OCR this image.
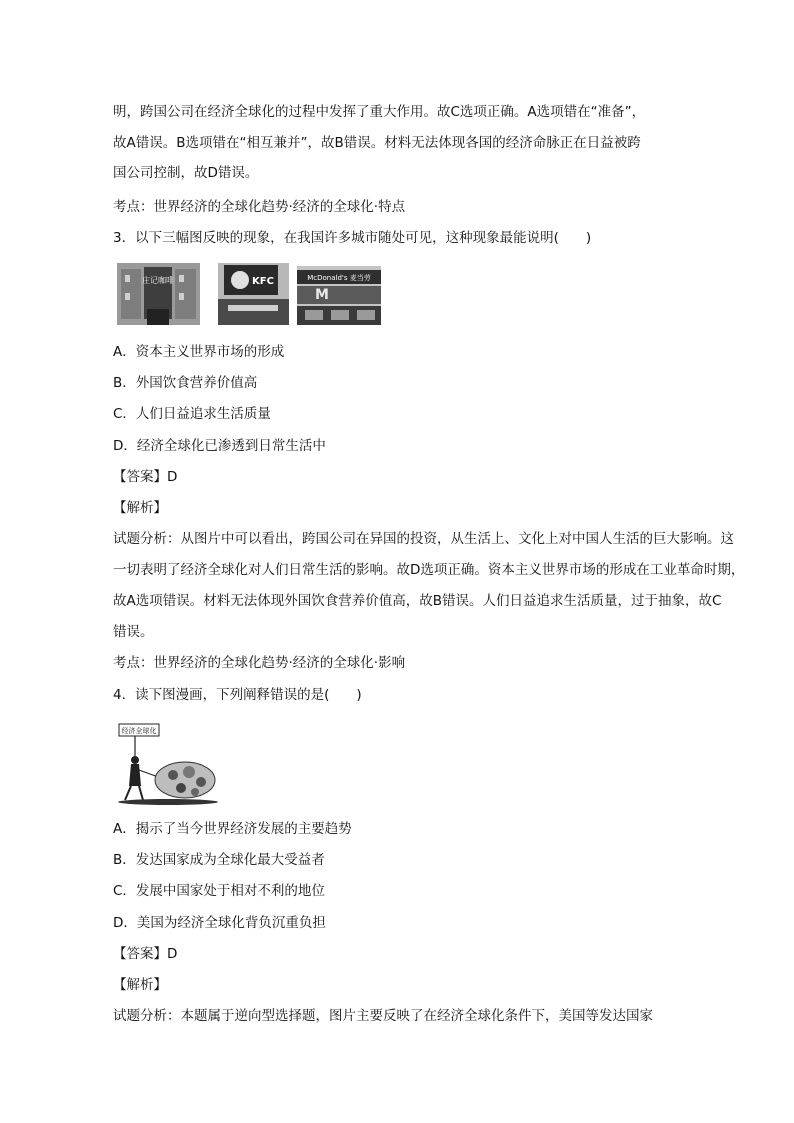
明，跨国公司在经济全球化的过程中发挥了重大作用。故C选项正确。A选项错在“准备”，
故A错误。B选项错在“相互兼并”，故B错误。材料无法体现各国的经济命脉正在日益被跨
国公司控制，故D错误。
考点：世界经济的全球化趋势·经济的全球化·特点
3．以下三幅图反映的现象，在我国许多城市随处可见，这种现象最能说明(　　)
庄记咖啡	KFC	McDonald's 麦当劳
M
A．资本主义世界市场的形成
B．外国饮食营养价值高
C．人们日益追求生活质量
D．经济全球化已渗透到日常生活中
【答案】D
【解析】
试题分析：从图片中可以看出，跨国公司在异国的投资，从生活上、文化上对中国人生活的巨大影响。这
一切表明了经济全球化对人们日常生活的影响。故D选项正确。资本主义世界市场的形成在工业革命时期，
故A选项错误。材料无法体现外国饮食营养价值高，故B错误。人们日益追求生活质量，过于抽象，故C
错误。
考点：世界经济的全球化趋势·经济的全球化·影响
4．读下图漫画，下列阐释错误的是(　　)
经济全球化
A．揭示了当今世界经济发展的主要趋势
B．发达国家成为全球化最大受益者
C．发展中国家处于相对不利的地位
D．美国为经济全球化背负沉重负担
【答案】D
【解析】
试题分析：本题属于逆向型选择题，图片主要反映了在经济全球化条件下，美国等发达国家
